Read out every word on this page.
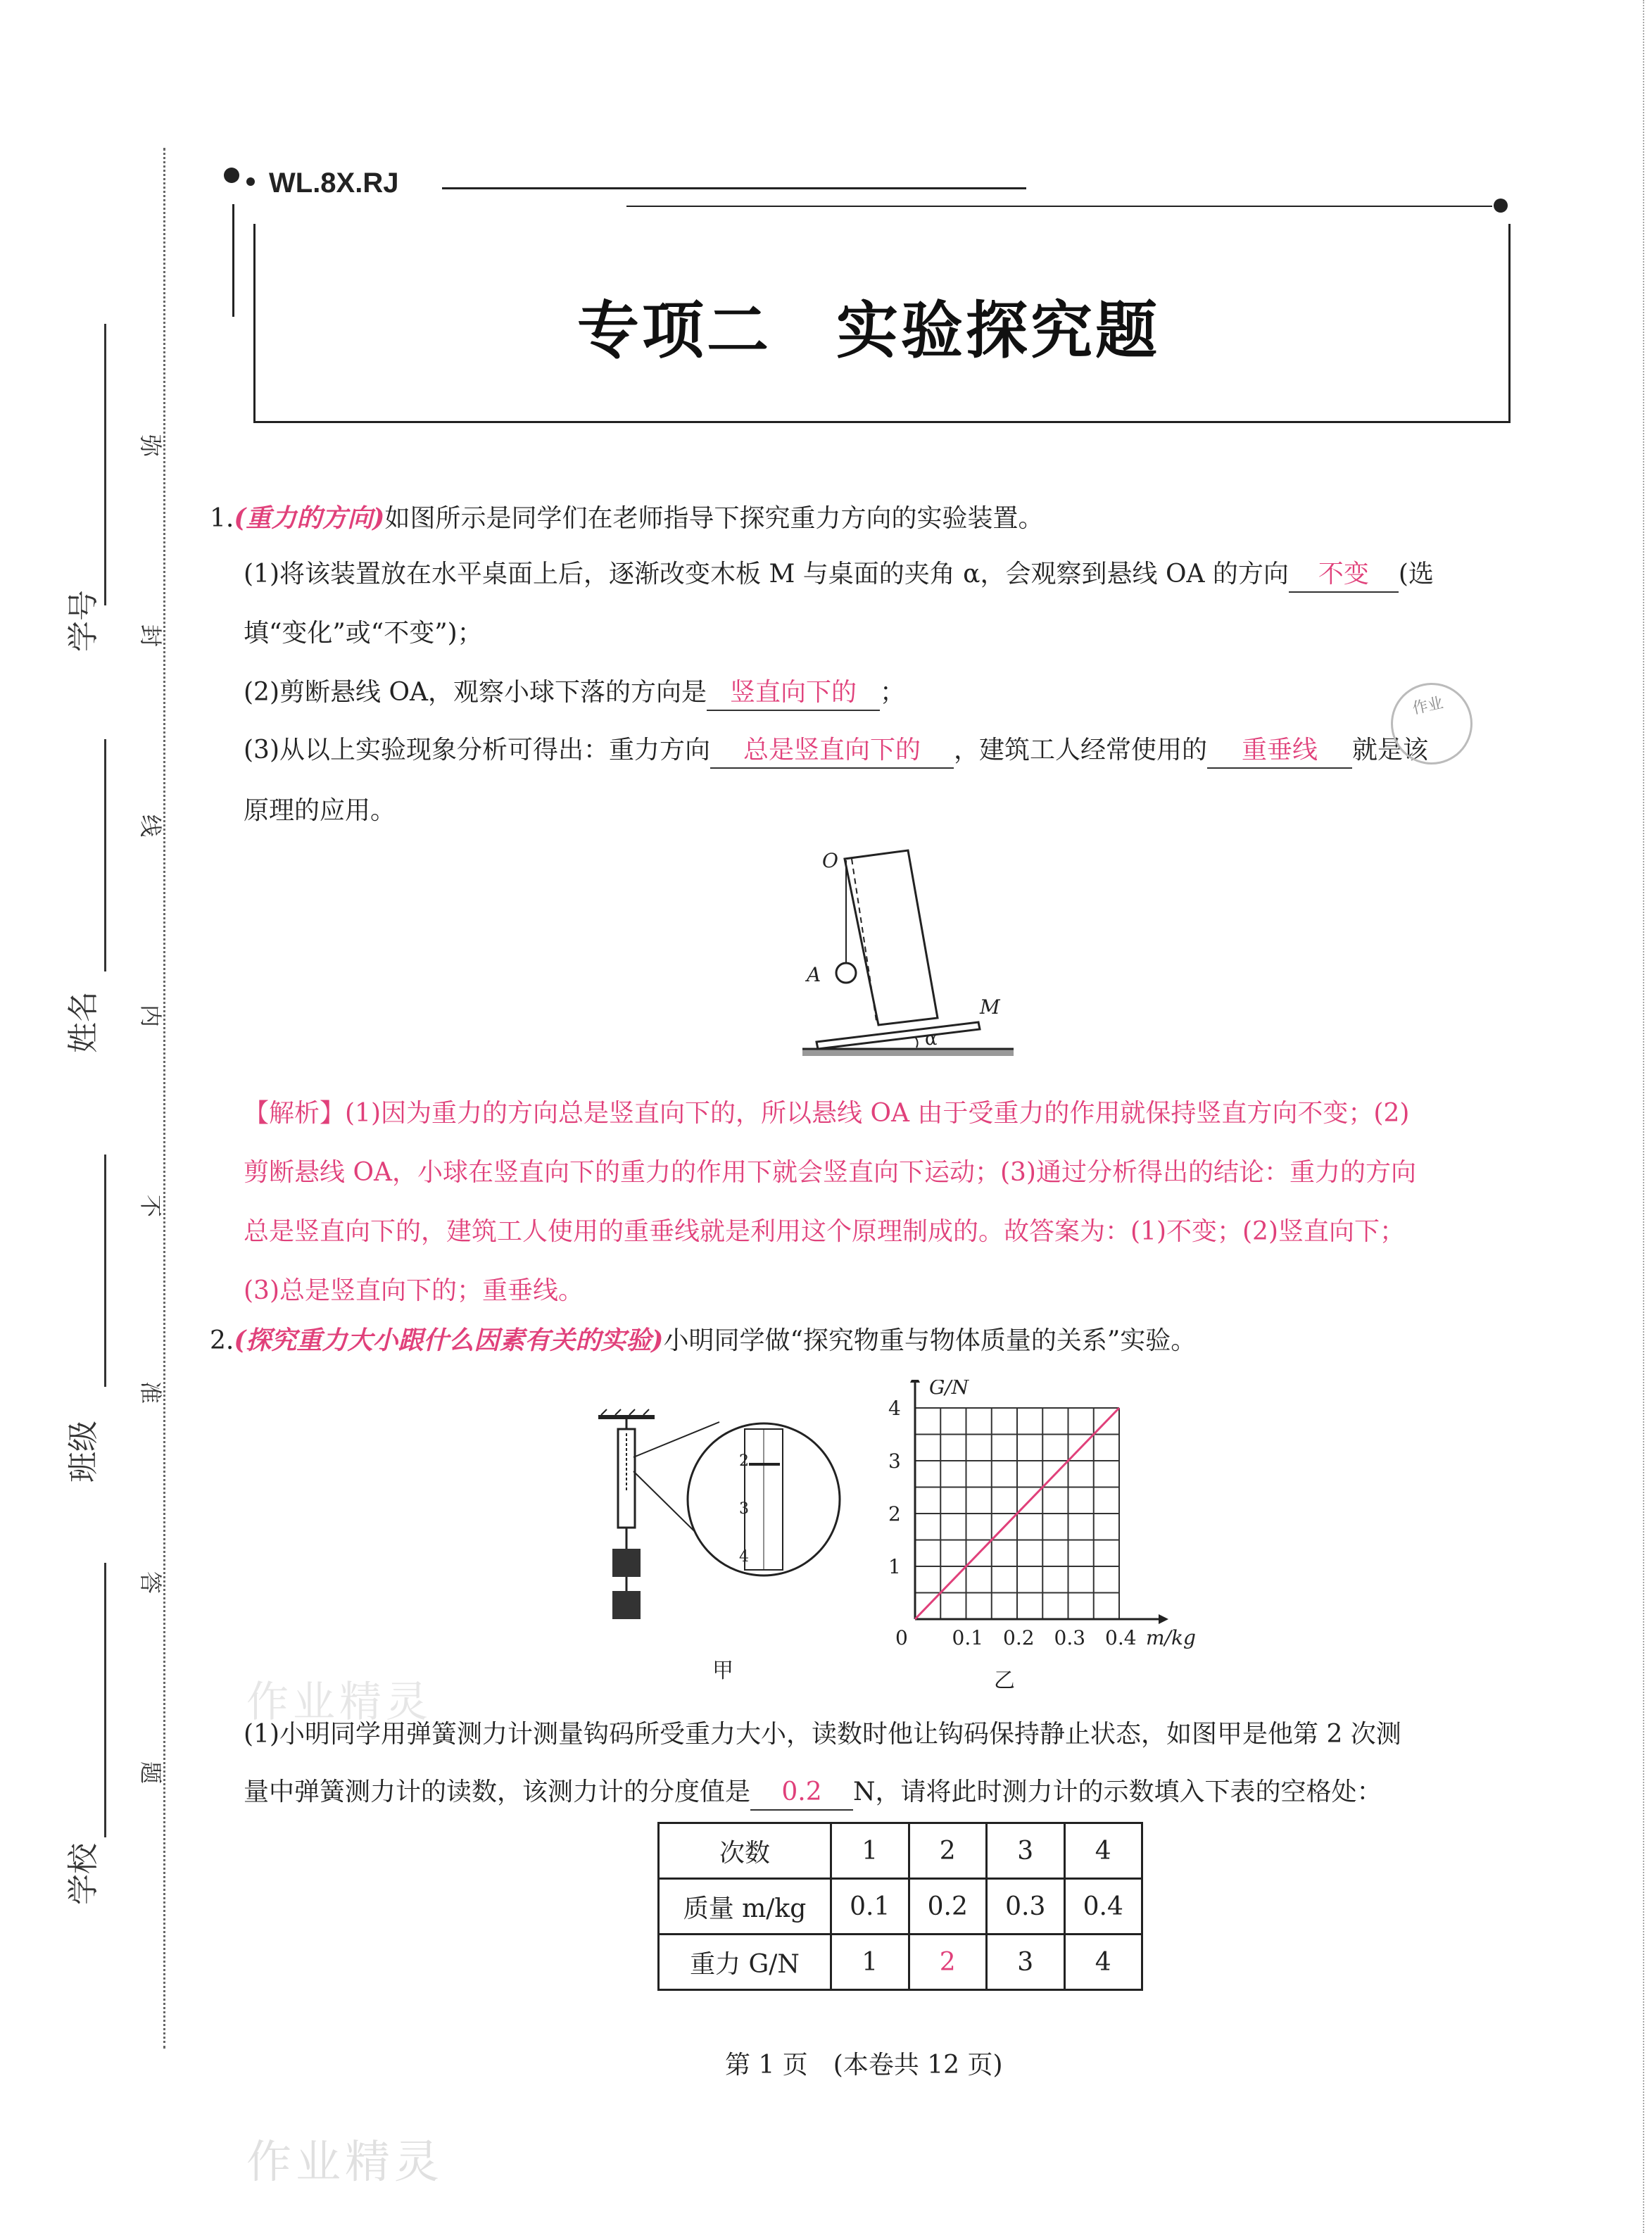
WL.8X.RJ
专项二　实验探究题
学号
姓名
班级
学校
弥
封
线
内
不
准
答
题
1.(重力的方向)如图所示是同学们在老师指导下探究重力方向的实验装置。
(1)将该装置放在水平桌面上后，逐渐改变木板 M 与桌面的夹角 α，会观察到悬线 OA 的方向 不变 (选
填“变化”或“不变”)；
(2)剪断悬线 OA，观察小球下落的方向是 竖直向下的 ；
(3)从以上实验现象分析可得出：重力方向 总是竖直向下的 ，建筑工人经常使用的 重垂线 就是该
原理的应用。
作业
O
A
M
α
【解析】(1)因为重力的方向总是竖直向下的，所以悬线 OA 由于受重力的作用就保持竖直方向不变；(2)
剪断悬线 OA，小球在竖直向下的重力的作用下就会竖直向下运动；(3)通过分析得出的结论：重力的方向
总是竖直向下的，建筑工人使用的重垂线就是利用这个原理制成的。故答案为：(1)不变；(2)竖直向下；
(3)总是竖直向下的；重垂线。
2.(探究重力大小跟什么因素有关的实验)小明同学做“探究物重与物体质量的关系”实验。
2
3
4
甲
0 0.1 0.2 0.3 0.4
1
2
3
4
m/kg
G/N
乙
(1)小明同学用弹簧测力计测量钩码所受重力大小，读数时他让钩码保持静止状态，如图甲是他第 2 次测
量中弹簧测力计的读数，该测力计的分度值是 0.2 N，请将此时测力计的示数填入下表的空格处：
次数	1	2	3	4
质量 m/kg	0.1	0.2	0.3	0.4
重力 G/N	1	2	3	4
第 1 页　(本卷共 12 页)
作业精灵
作业精灵
